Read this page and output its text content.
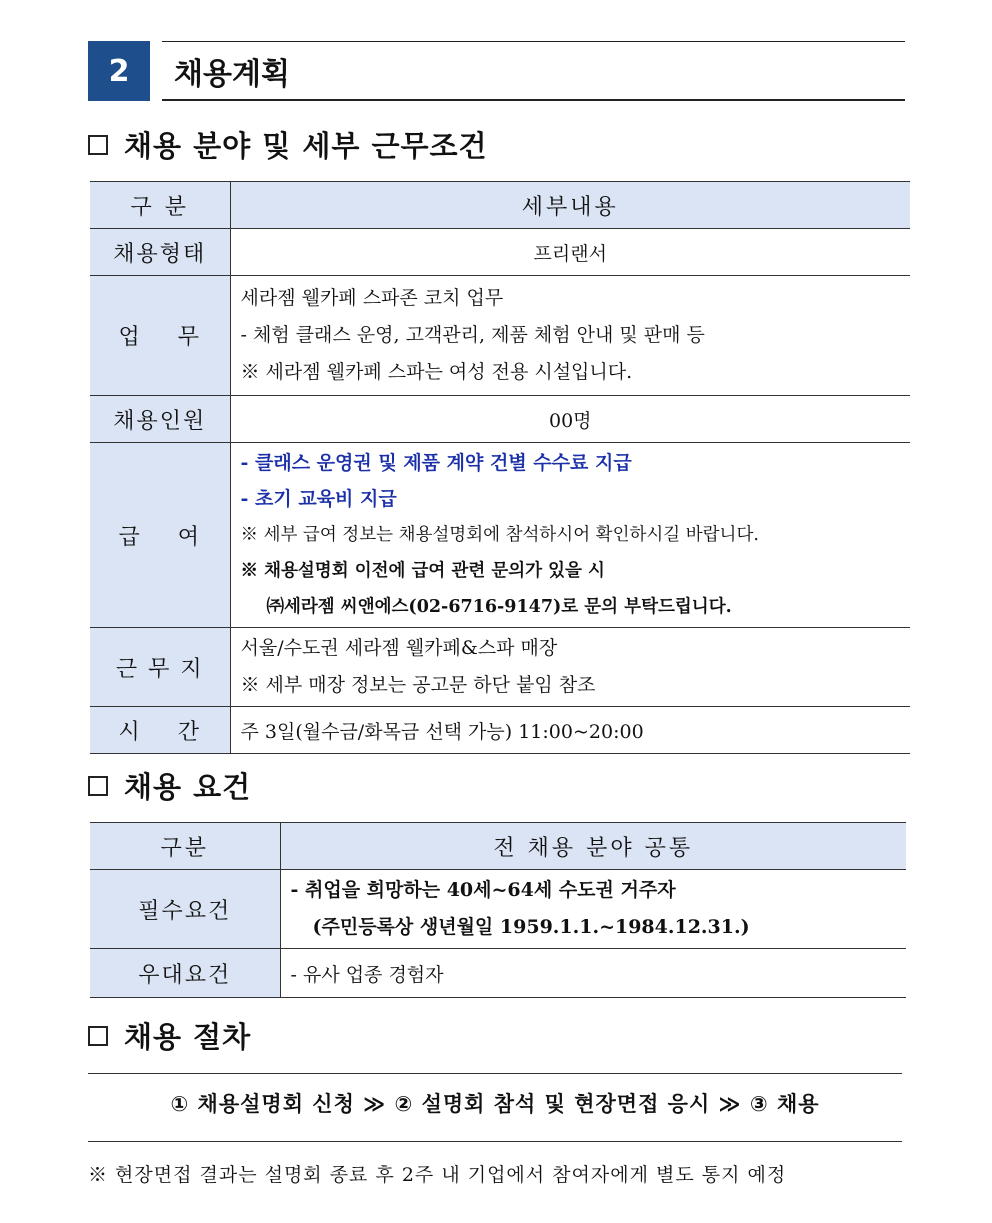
2	채용계획
채용 분야 및 세부 근무조건
구 분	세부내용
채용형태	프리랜서
업    무	세라젬 웰카페 스파존 코치 업무
- 체험 클래스 운영, 고객관리, 제품 체험 안내 및 판매 등
※ 세라젬 웰카페 스파는 여성 전용 시설입니다.

채용인원	00명
급    여	- 클래스 운영권 및 제품 계약 건별 수수료 지급
- 초기 교육비 지급
※ 세부 급여 정보는 채용설명회에 참석하시어 확인하시길 바랍니다.
※ 채용설명회 이전에 급여 관련 문의가 있을 시
㈜세라젬 씨앤에스(02-6716-9147)로 문의 부탁드립니다.

근 무 지	서울/수도권 세라젬 웰카페&스파 매장
※ 세부 매장 정보는 공고문 하단 붙임 참조

시    간	주 3일(월수금/화목금 선택 가능) 11:00~20:00
채용 요건
구분	전 채용 분야 공통
필수요건	- 취업을 희망하는 40세~64세 수도권 거주자
(주민등록상 생년월일 1959.1.1.~1984.12.31.)

우대요건	- 유사 업종 경험자
채용 절차
① 채용설명회 신청 ≫ ② 설명회 참석 및 현장면접 응시 ≫ ③ 채용
※ 현장면접 결과는 설명회 종료 후 2주 내 기업에서 참여자에게 별도 통지 예정
